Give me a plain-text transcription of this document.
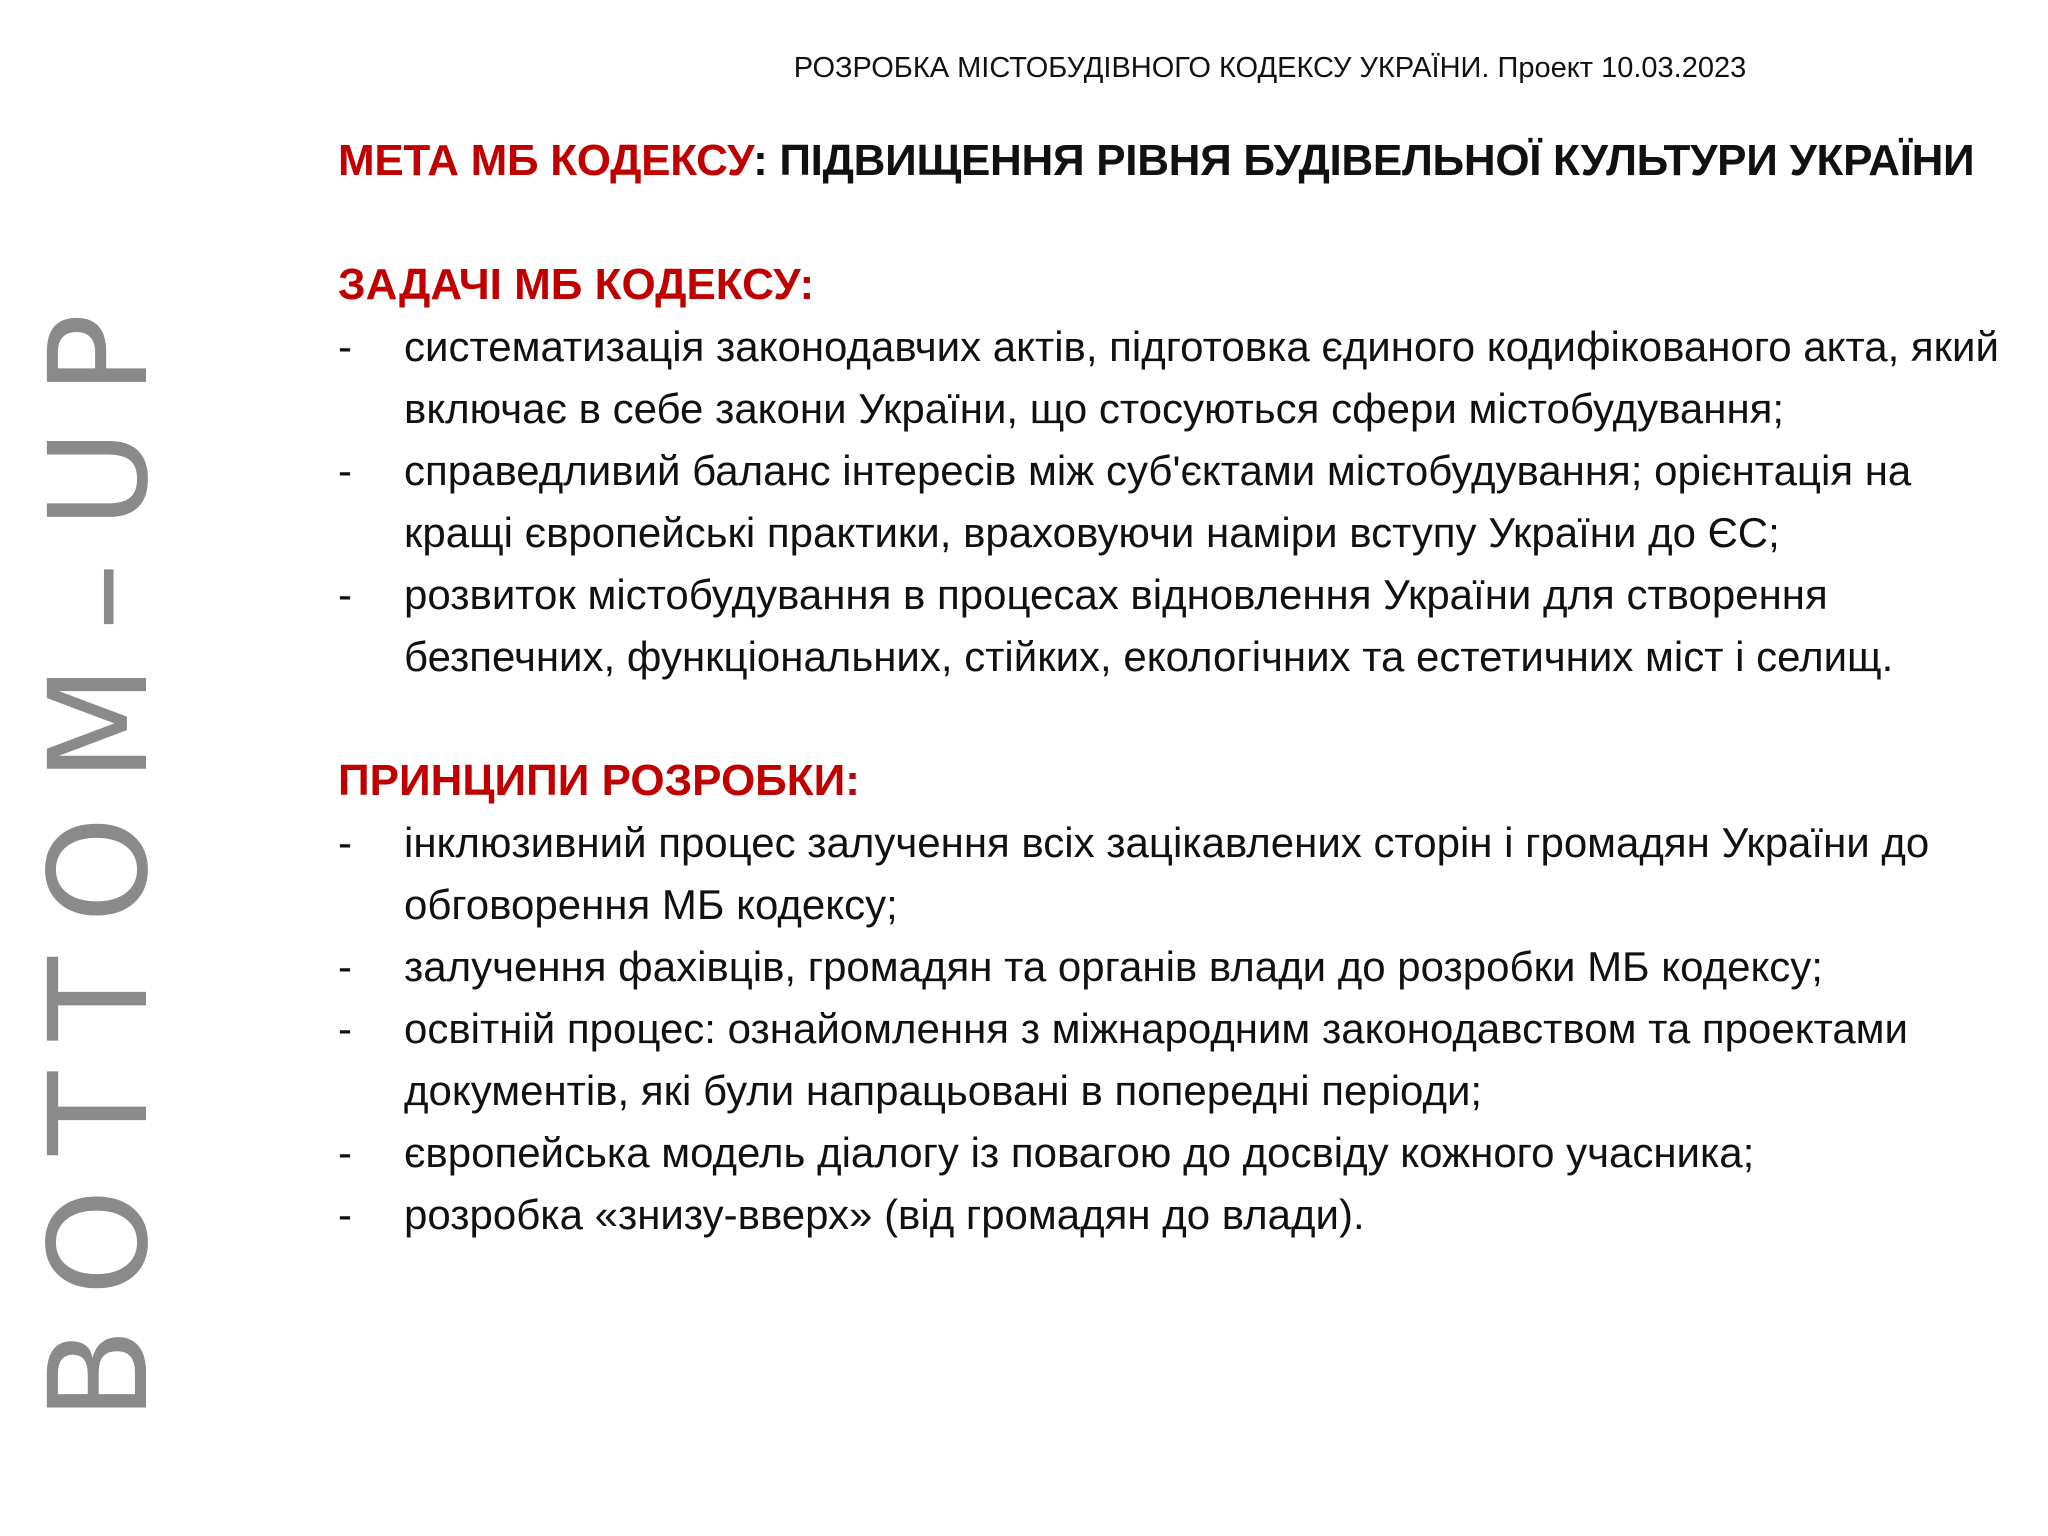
BOTTOM–UP
РОЗРОБКА МІСТОБУДІВНОГО КОДЕКСУ УКРАЇНИ. Проект 10.03.2023
МЕТА МБ КОДЕКСУ: ПІДВИЩЕННЯ РІВНЯ БУДІВЕЛЬНОЇ КУЛЬТУРИ УКРАЇНИ
ЗАДАЧІ МБ КОДЕКСУ:
-	систематизація законодавчих актів, підготовка єдиного кодифікованого акта, який включає в себе закони України, що стосуються сфери містобудування;
-	справедливий баланс інтересів між суб'єктами містобудування; орієнтація на кращі європейські практики, враховуючи наміри вступу України до ЄС;
-	розвиток містобудування в процесах відновлення України для створення безпечних, функціональних, стійких, екологічних та естетичних міст і селищ.
ПРИНЦИПИ РОЗРОБКИ:
-	інклюзивний процес залучення всіх зацікавлених сторін і громадян України до обговорення МБ кодексу;
-	залучення фахівців, громадян та органів влади до розробки МБ кодексу;
-	освітній процес: ознайомлення з міжнародним законодавством та проектами документів, які були напрацьовані в попередні періоди;
-	європейська модель діалогу із повагою до досвіду кожного учасника;
-	розробка «знизу-вверх» (від громадян до влади).
